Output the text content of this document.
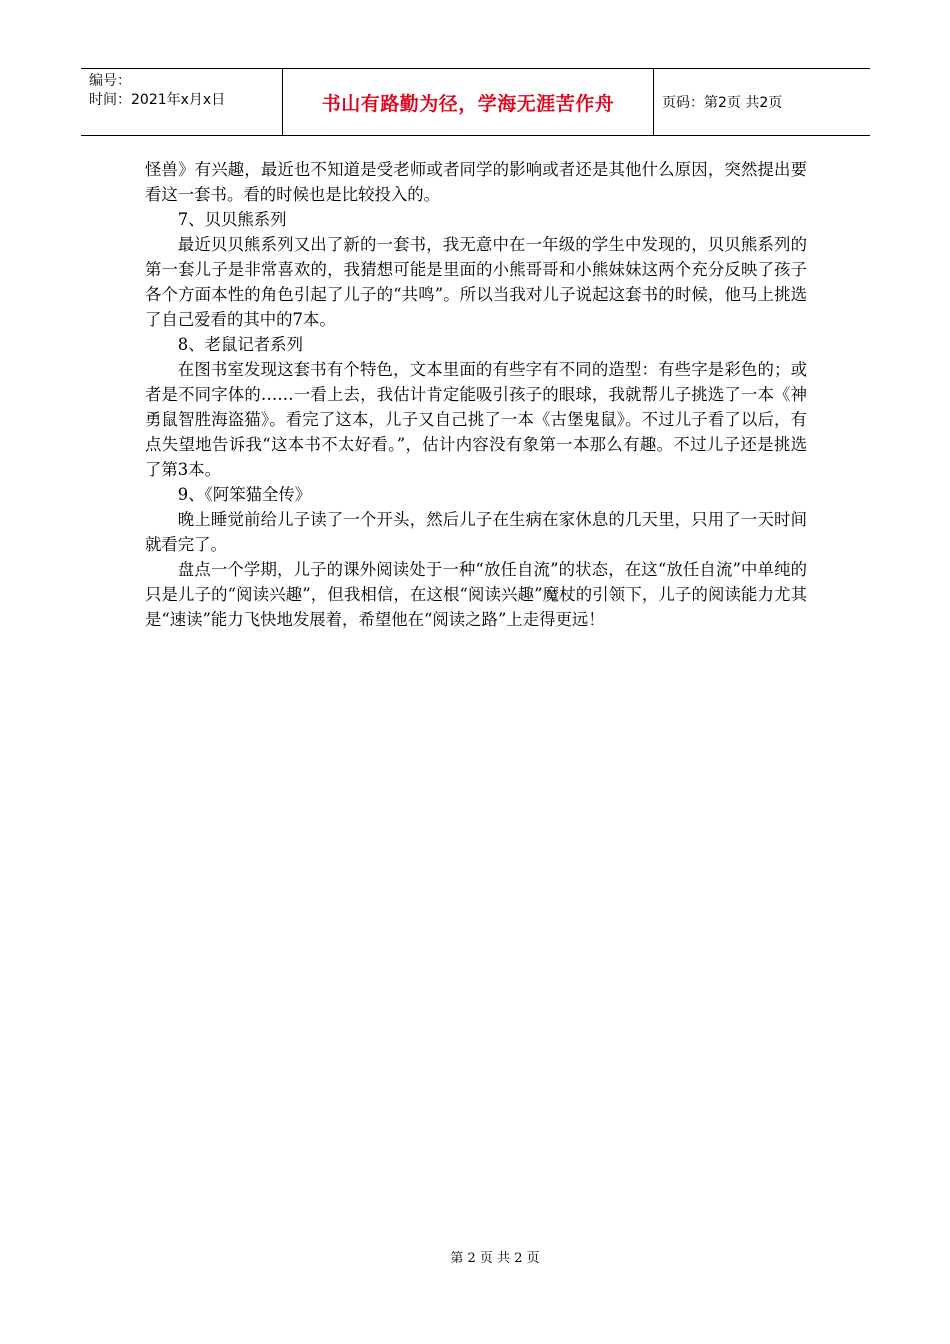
编号：
时间：2021年x月x日	书山有路勤为径，学海无涯苦作舟	页码：第2页 共2页

怪兽》有兴趣，最近也不知道是受老师或者同学的影响或者还是其他什么原因，突然提出要看这一套书。看的时候也是比较投入的。

7、贝贝熊系列

最近贝贝熊系列又出了新的一套书，我无意中在一年级的学生中发现的，贝贝熊系列的第一套儿子是非常喜欢的，我猜想可能是里面的小熊哥哥和小熊妹妹这两个充分反映了孩子各个方面本性的角色引起了儿子的“共鸣”。所以当我对儿子说起这套书的时候，他马上挑选了自己爱看的其中的7本。

8、老鼠记者系列

在图书室发现这套书有个特色，文本里面的有些字有不同的造型：有些字是彩色的；或者是不同字体的……一看上去，我估计肯定能吸引孩子的眼球，我就帮儿子挑选了一本《神勇鼠智胜海盗猫》。看完了这本，儿子又自己挑了一本《古堡鬼鼠》。不过儿子看了以后，有点失望地告诉我“这本书不太好看。”，估计内容没有象第一本那么有趣。不过儿子还是挑选了第3本。

9、《阿笨猫全传》

晚上睡觉前给儿子读了一个开头，然后儿子在生病在家休息的几天里，只用了一天时间就看完了。

盘点一个学期，儿子的课外阅读处于一种“放任自流”的状态，在这“放任自流”中单纯的只是儿子的“阅读兴趣”，但我相信，在这根“阅读兴趣”魔杖的引领下，儿子的阅读能力尤其是“速读”能力飞快地发展着，希望他在“阅读之路”上走得更远！

第 2 页 共 2 页
